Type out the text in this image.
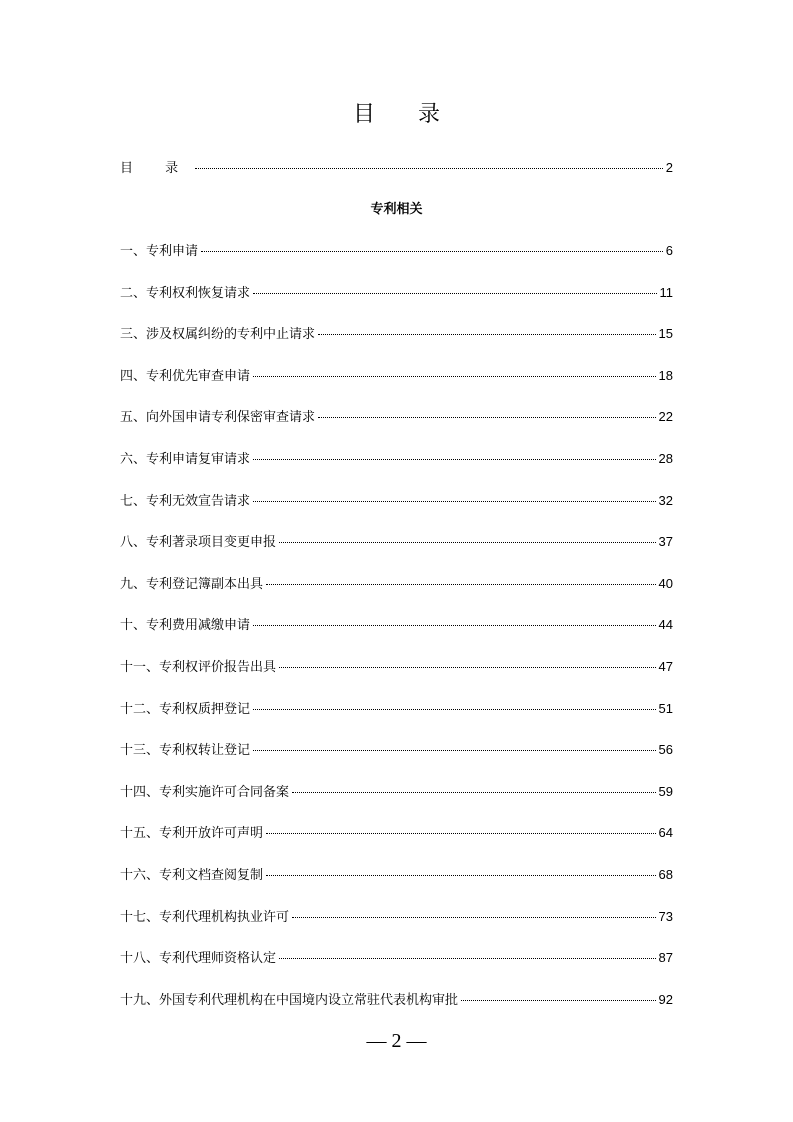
目 录
目 录	2
专利相关
一、专利申请	6
二、专利权利恢复请求	11
三、涉及权属纠纷的专利中止请求	15
四、专利优先审查申请	18
五、向外国申请专利保密审查请求	22
六、专利申请复审请求	28
七、专利无效宣告请求	32
八、专利著录项目变更申报	37
九、专利登记簿副本出具	40
十、专利费用减缴申请	44
十一、专利权评价报告出具	47
十二、专利权质押登记	51
十三、专利权转让登记	56
十四、专利实施许可合同备案	59
十五、专利开放许可声明	64
十六、专利文档查阅复制	68
十七、专利代理机构执业许可	73
十八、专利代理师资格认定	87
十九、外国专利代理机构在中国境内设立常驻代表机构审批	92
— 2 —
